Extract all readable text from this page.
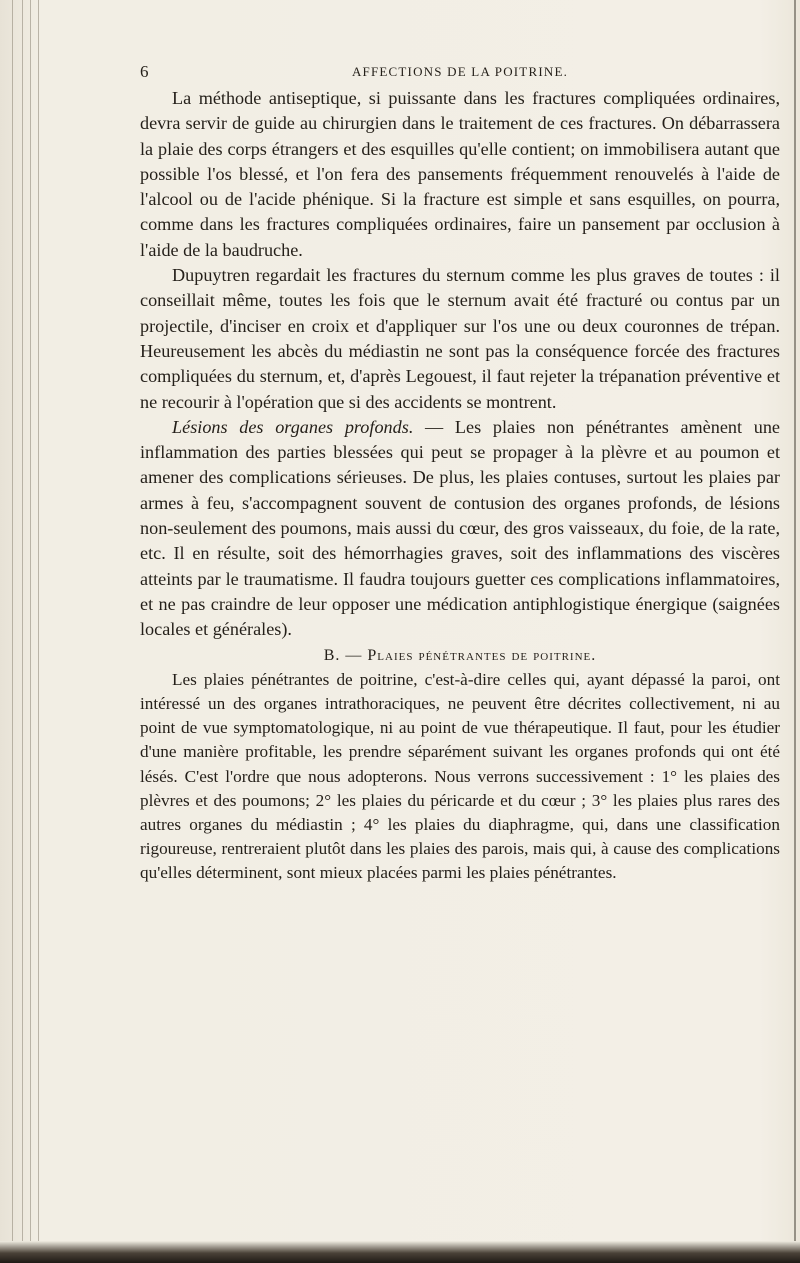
6	AFFECTIONS DE LA POITRINE.

La méthode antiseptique, si puissante dans les fractures compliquées ordinaires, devra servir de guide au chirurgien dans le traitement de ces fractures. On débarrassera la plaie des corps étrangers et des esquilles qu'elle contient; on immobilisera autant que possible l'os blessé, et l'on fera des pansements fréquemment renouvelés à l'aide de l'alcool ou de l'acide phénique. Si la fracture est simple et sans esquilles, on pourra, comme dans les fractures compliquées ordinaires, faire un pansement par occlusion à l'aide de la baudruche.

Dupuytren regardait les fractures du sternum comme les plus graves de toutes : il conseillait même, toutes les fois que le sternum avait été fracturé ou contus par un projectile, d'inciser en croix et d'appliquer sur l'os une ou deux couronnes de trépan. Heureusement les abcès du médiastin ne sont pas la conséquence forcée des fractures compliquées du sternum, et, d'après Legouest, il faut rejeter la trépanation préventive et ne recourir à l'opération que si des accidents se montrent.

Lésions des organes profonds. — Les plaies non pénétrantes amènent une inflammation des parties blessées qui peut se propager à la plèvre et au poumon et amener des complications sérieuses. De plus, les plaies contuses, surtout les plaies par armes à feu, s'accompagnent souvent de contusion des organes profonds, de lésions non-seulement des poumons, mais aussi du cœur, des gros vaisseaux, du foie, de la rate, etc. Il en résulte, soit des hémorrhagies graves, soit des inflammations des viscères atteints par le traumatisme. Il faudra toujours guetter ces complications inflammatoires, et ne pas craindre de leur opposer une médication antiphlogistique énergique (saignées locales et générales).

B. — Plaies pénétrantes de poitrine.

Les plaies pénétrantes de poitrine, c'est-à-dire celles qui, ayant dépassé la paroi, ont intéressé un des organes intrathoraciques, ne peuvent être décrites collectivement, ni au point de vue symptomatologique, ni au point de vue thérapeutique. Il faut, pour les étudier d'une manière profitable, les prendre séparément suivant les organes profonds qui ont été lésés. C'est l'ordre que nous adopterons. Nous verrons successivement : 1° les plaies des plèvres et des poumons; 2° les plaies du péricarde et du cœur ; 3° les plaies plus rares des autres organes du médiastin ; 4° les plaies du diaphragme, qui, dans une classification rigoureuse, rentreraient plutôt dans les plaies des parois, mais qui, à cause des complications qu'elles déterminent, sont mieux placées parmi les plaies pénétrantes.
